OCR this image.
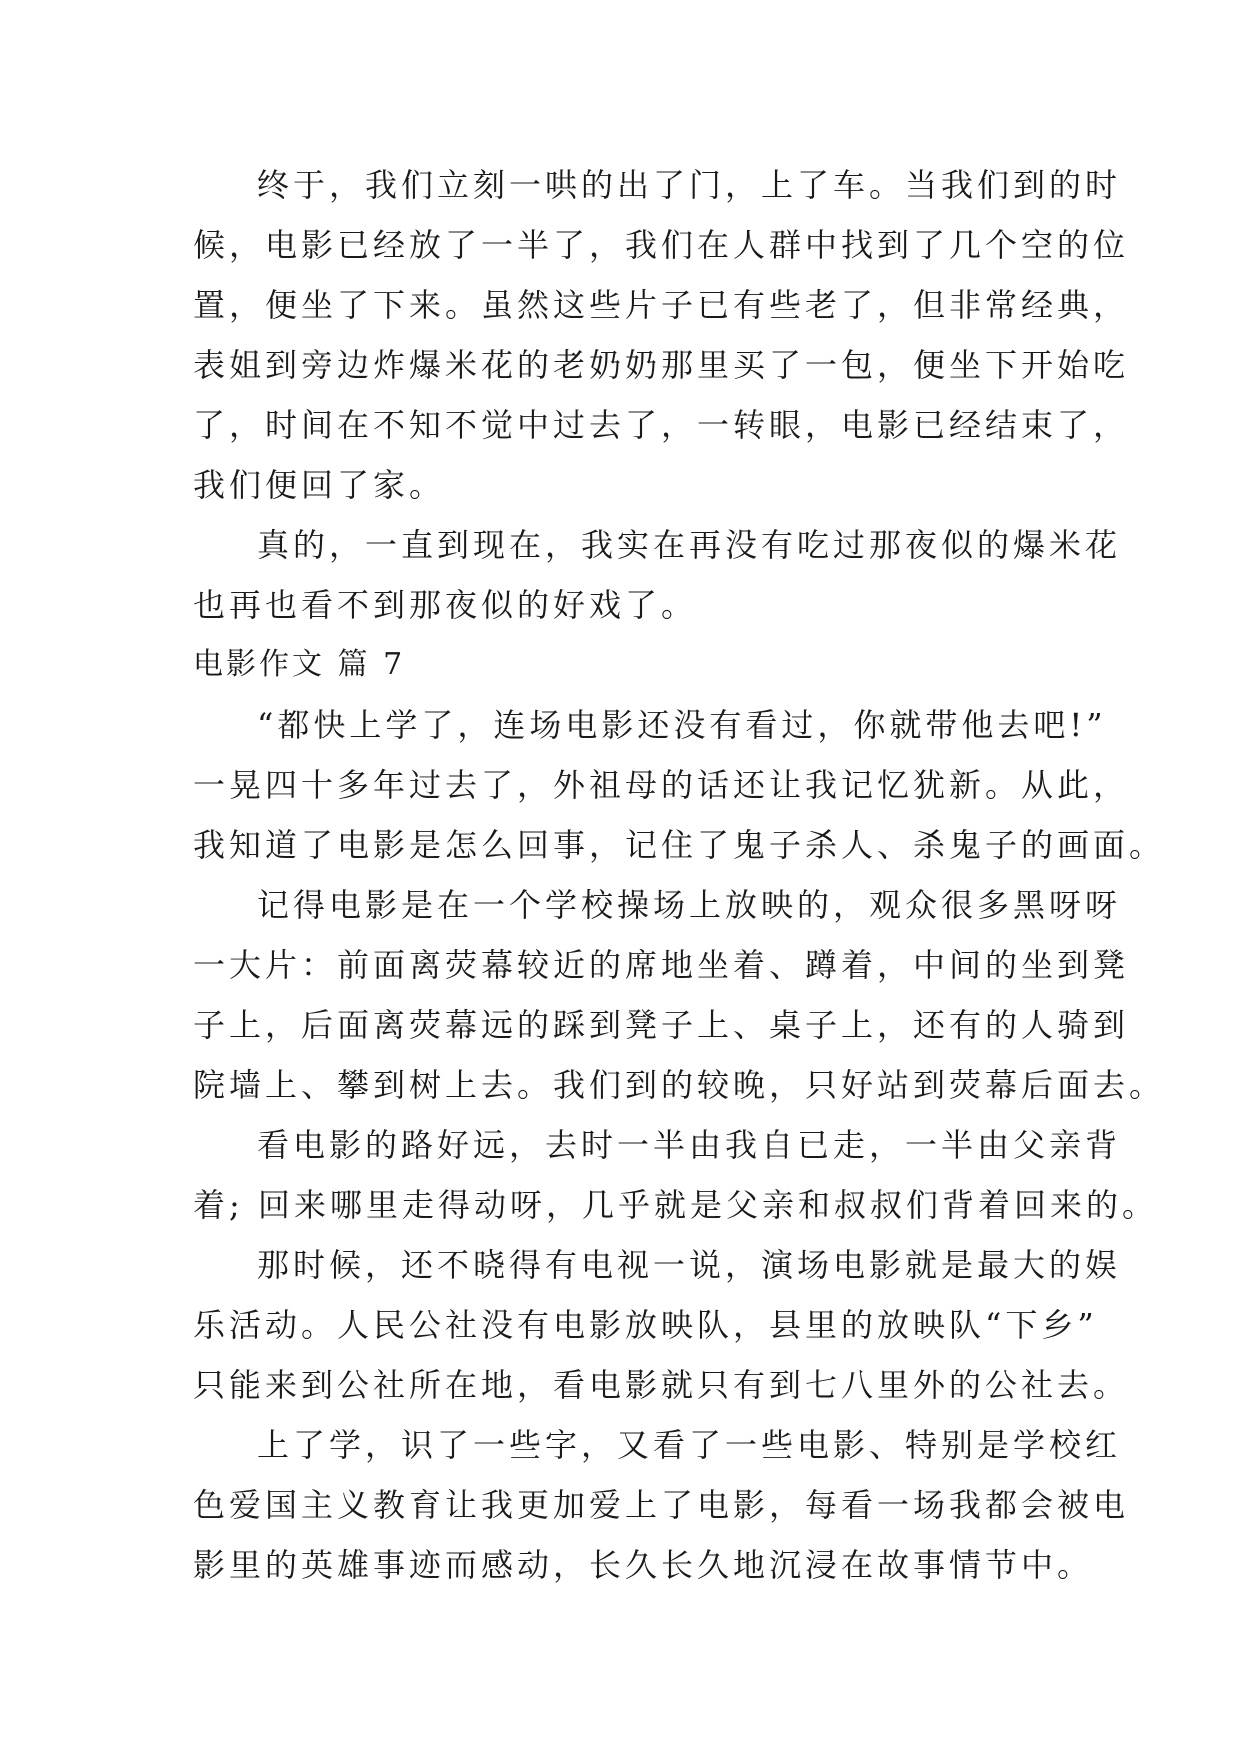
终于，我们立刻一哄的出了门，上了车。当我们到的时
候，电影已经放了一半了，我们在人群中找到了几个空的位
置，便坐了下来。虽然这些片子已有些老了，但非常经典，
表姐到旁边炸爆米花的老奶奶那里买了一包，便坐下开始吃
了，时间在不知不觉中过去了，一转眼，电影已经结束了，
我们便回了家。
真的，一直到现在，我实在再没有吃过那夜似的爆米花
也再也看不到那夜似的好戏了。
电影作文 篇 7
“都快上学了，连场电影还没有看过，你就带他去吧!”
一晃四十多年过去了，外祖母的话还让我记忆犹新。从此，
我知道了电影是怎么回事，记住了鬼子杀人、杀鬼子的画面。
记得电影是在一个学校操场上放映的，观众很多黑呀呀
一大片：前面离荧幕较近的席地坐着、蹲着，中间的坐到凳
子上，后面离荧幕远的踩到凳子上、桌子上，还有的人骑到
院墙上、攀到树上去。我们到的较晚，只好站到荧幕后面去。
看电影的路好远，去时一半由我自已走，一半由父亲背
着; 回来哪里走得动呀，几乎就是父亲和叔叔们背着回来的。
那时候，还不晓得有电视一说，演场电影就是最大的娱
乐活动。人民公社没有电影放映队，县里的放映队“下乡”
只能来到公社所在地，看电影就只有到七八里外的公社去。
上了学，识了一些字，又看了一些电影、特别是学校红
色爱国主义教育让我更加爱上了电影，每看一场我都会被电
影里的英雄事迹而感动，长久长久地沉浸在故事情节中。
